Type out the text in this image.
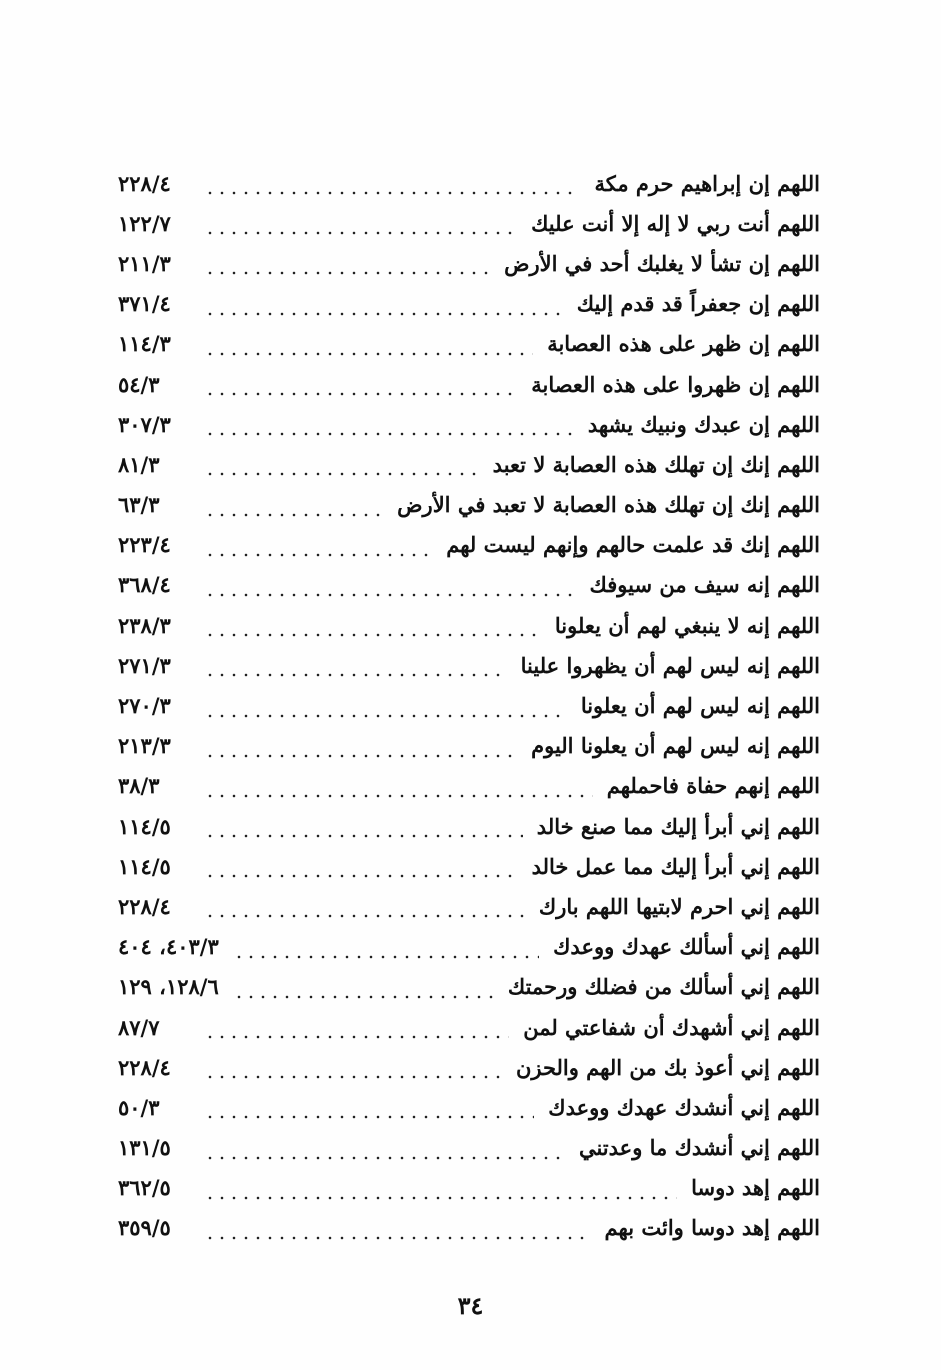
اللهم إن إبراهيم حرم مكة
٢٢٨/٤
اللهم أنت ربي لا إله إلا أنت عليك
١٢٢/٧
اللهم إن تشأ لا يغلبك أحد في الأرض
٢١١/٣
اللهم إن جعفراً قد قدم إليك
٣٧١/٤
اللهم إن ظهر على هذه العصابة
١١٤/٣
اللهم إن ظهروا على هذه العصابة
٥٤/٣
اللهم إن عبدك ونبيك يشهد
٣٠٧/٣
اللهم إنك إن تهلك هذه العصابة لا تعبد
٨١/٣
اللهم إنك إن تهلك هذه العصابة لا تعبد في الأرض
٦٣/٣
اللهم إنك قد علمت حالهم وإنهم ليست لهم
٢٢٣/٤
اللهم إنه سيف من سيوفك
٣٦٨/٤
اللهم إنه لا ينبغي لهم أن يعلونا
٢٣٨/٣
اللهم إنه ليس لهم أن يظهروا علينا
٢٧١/٣
اللهم إنه ليس لهم أن يعلونا
٢٧٠/٣
اللهم إنه ليس لهم أن يعلونا اليوم
٢١٣/٣
اللهم إنهم حفاة فاحملهم
٣٨/٣
اللهم إني أبرأ إليك مما صنع خالد
١١٤/٥
اللهم إني أبرأ إليك مما عمل خالد
١١٤/٥
اللهم إني احرم لابتيها اللهم بارك
٢٢٨/٤
اللهم إني أسألك عهدك ووعدك
٤٠٣/٣، ٤٠٤
اللهم إني أسألك من فضلك ورحمتك
١٢٨/٦، ١٢٩
اللهم إني أشهدك أن شفاعتي لمن
٨٧/٧
اللهم إني أعوذ بك من الهم والحزن
٢٢٨/٤
اللهم إني أنشدك عهدك ووعدك
٥٠/٣
اللهم إني أنشدك ما وعدتني
١٣١/٥
اللهم إهد دوسا
٣٦٢/٥
اللهم إهد دوسا وائت بهم
٣٥٩/٥
٣٤
